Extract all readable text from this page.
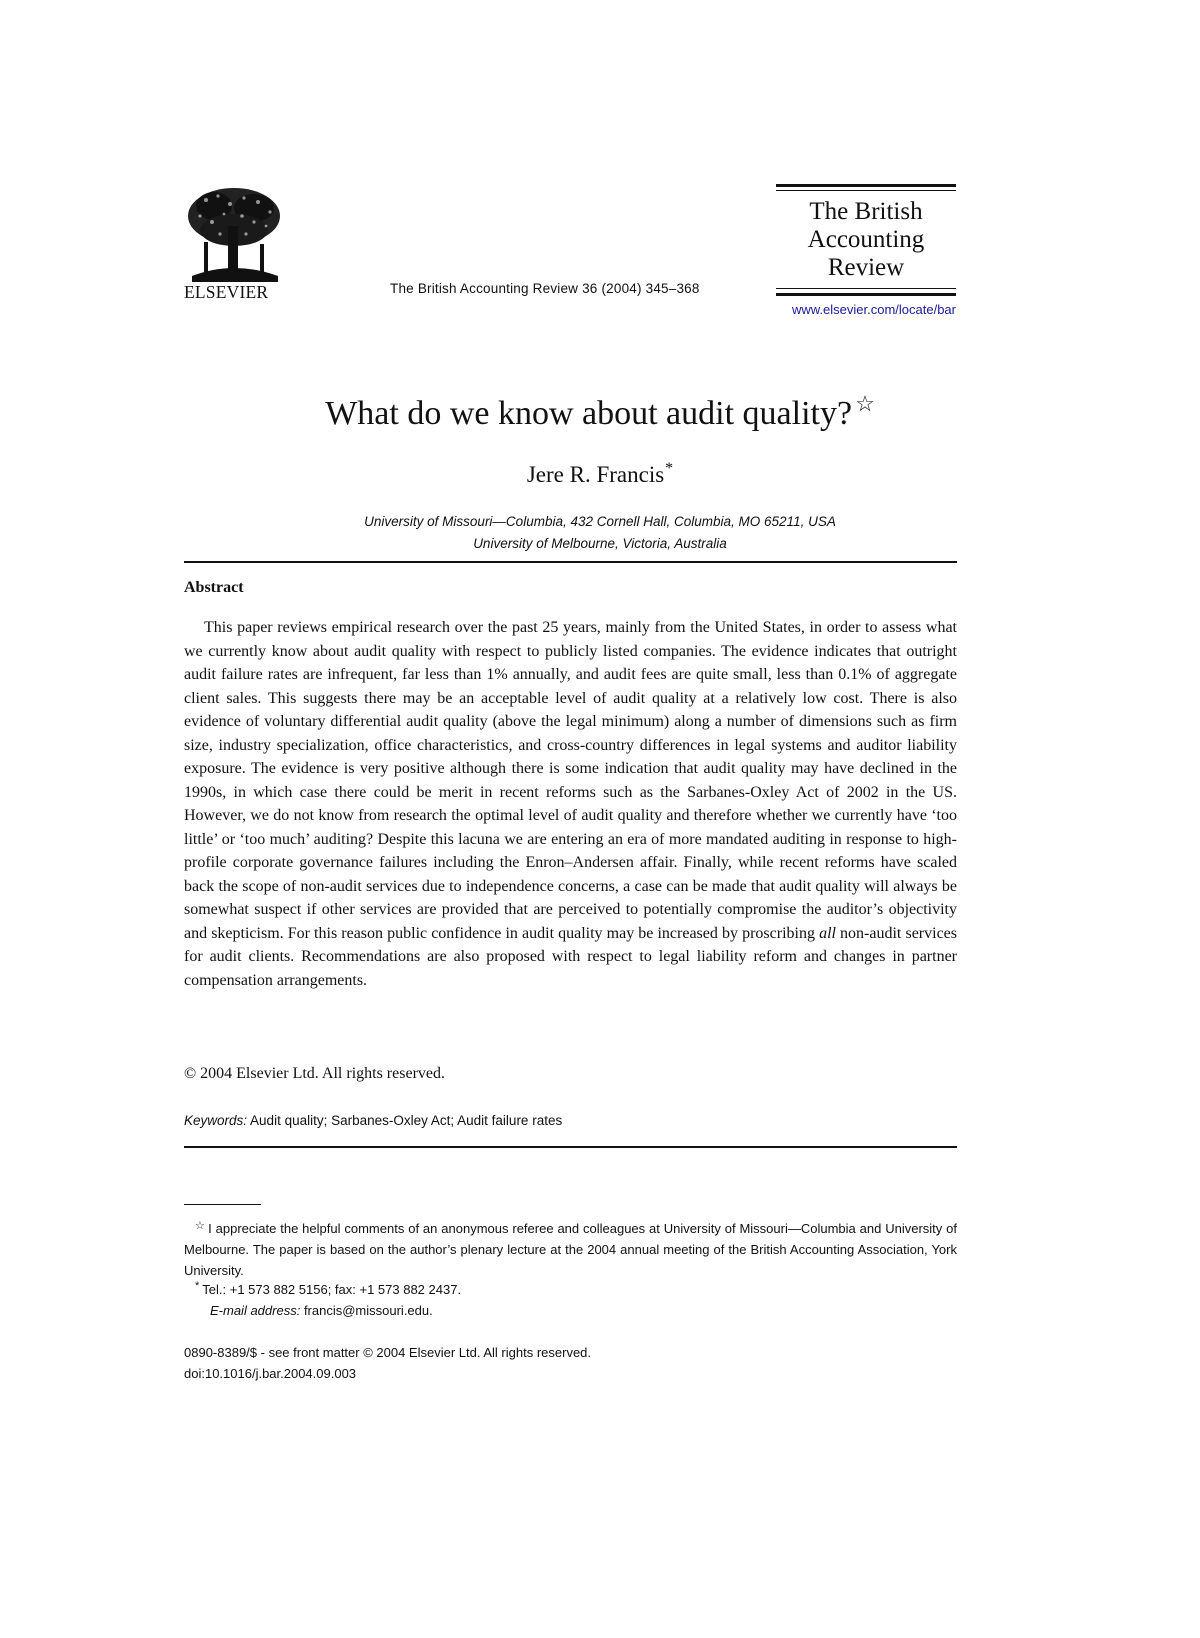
ELSEVIER	The British Accounting Review 36 (2004) 345–368
The British
Accounting
Review
www.elsevier.com/locate/bar
What do we know about audit quality? ☆
Jere R. Francis*
University of Missouri—Columbia, 432 Cornell Hall, Columbia, MO 65211, USA
University of Melbourne, Victoria, Australia
Abstract

This paper reviews empirical research over the past 25 years, mainly from the United States, in order to assess what we currently know about audit quality with respect to publicly listed companies. The evidence indicates that outright audit failure rates are infrequent, far less than 1% annually, and audit fees are quite small, less than 0.1% of aggregate client sales. This suggests there may be an acceptable level of audit quality at a relatively low cost. There is also evidence of voluntary differential audit quality (above the legal minimum) along a number of dimensions such as firm size, industry specialization, office characteristics, and cross-country differences in legal systems and auditor liability exposure. The evidence is very positive although there is some indication that audit quality may have declined in the 1990s, in which case there could be merit in recent reforms such as the Sarbanes-Oxley Act of 2002 in the US. However, we do not know from research the optimal level of audit quality and therefore whether we currently have ‘too little’ or ‘too much’ auditing? Despite this lacuna we are entering an era of more mandated auditing in response to high-profile corporate governance failures including the Enron–Andersen affair. Finally, while recent reforms have scaled back the scope of non-audit services due to independence concerns, a case can be made that audit quality will always be somewhat suspect if other services are provided that are perceived to potentially compromise the auditor’s objectivity and skepticism. For this reason public confidence in audit quality may be increased by proscribing all non-audit services for audit clients. Recommendations are also proposed with respect to legal liability reform and changes in partner compensation arrangements.

© 2004 Elsevier Ltd. All rights reserved.
Keywords: Audit quality; Sarbanes-Oxley Act; Audit failure rates

☆ I appreciate the helpful comments of an anonymous referee and colleagues at University of Missouri—Columbia and University of Melbourne. The paper is based on the author’s plenary lecture at the 2004 annual meeting of the British Accounting Association, York University.

* Tel.: +1 573 882 5156; fax: +1 573 882 2437.
E-mail address: francis@missouri.edu.
0890-8389/$ - see front matter © 2004 Elsevier Ltd. All rights reserved.
doi:10.1016/j.bar.2004.09.003
